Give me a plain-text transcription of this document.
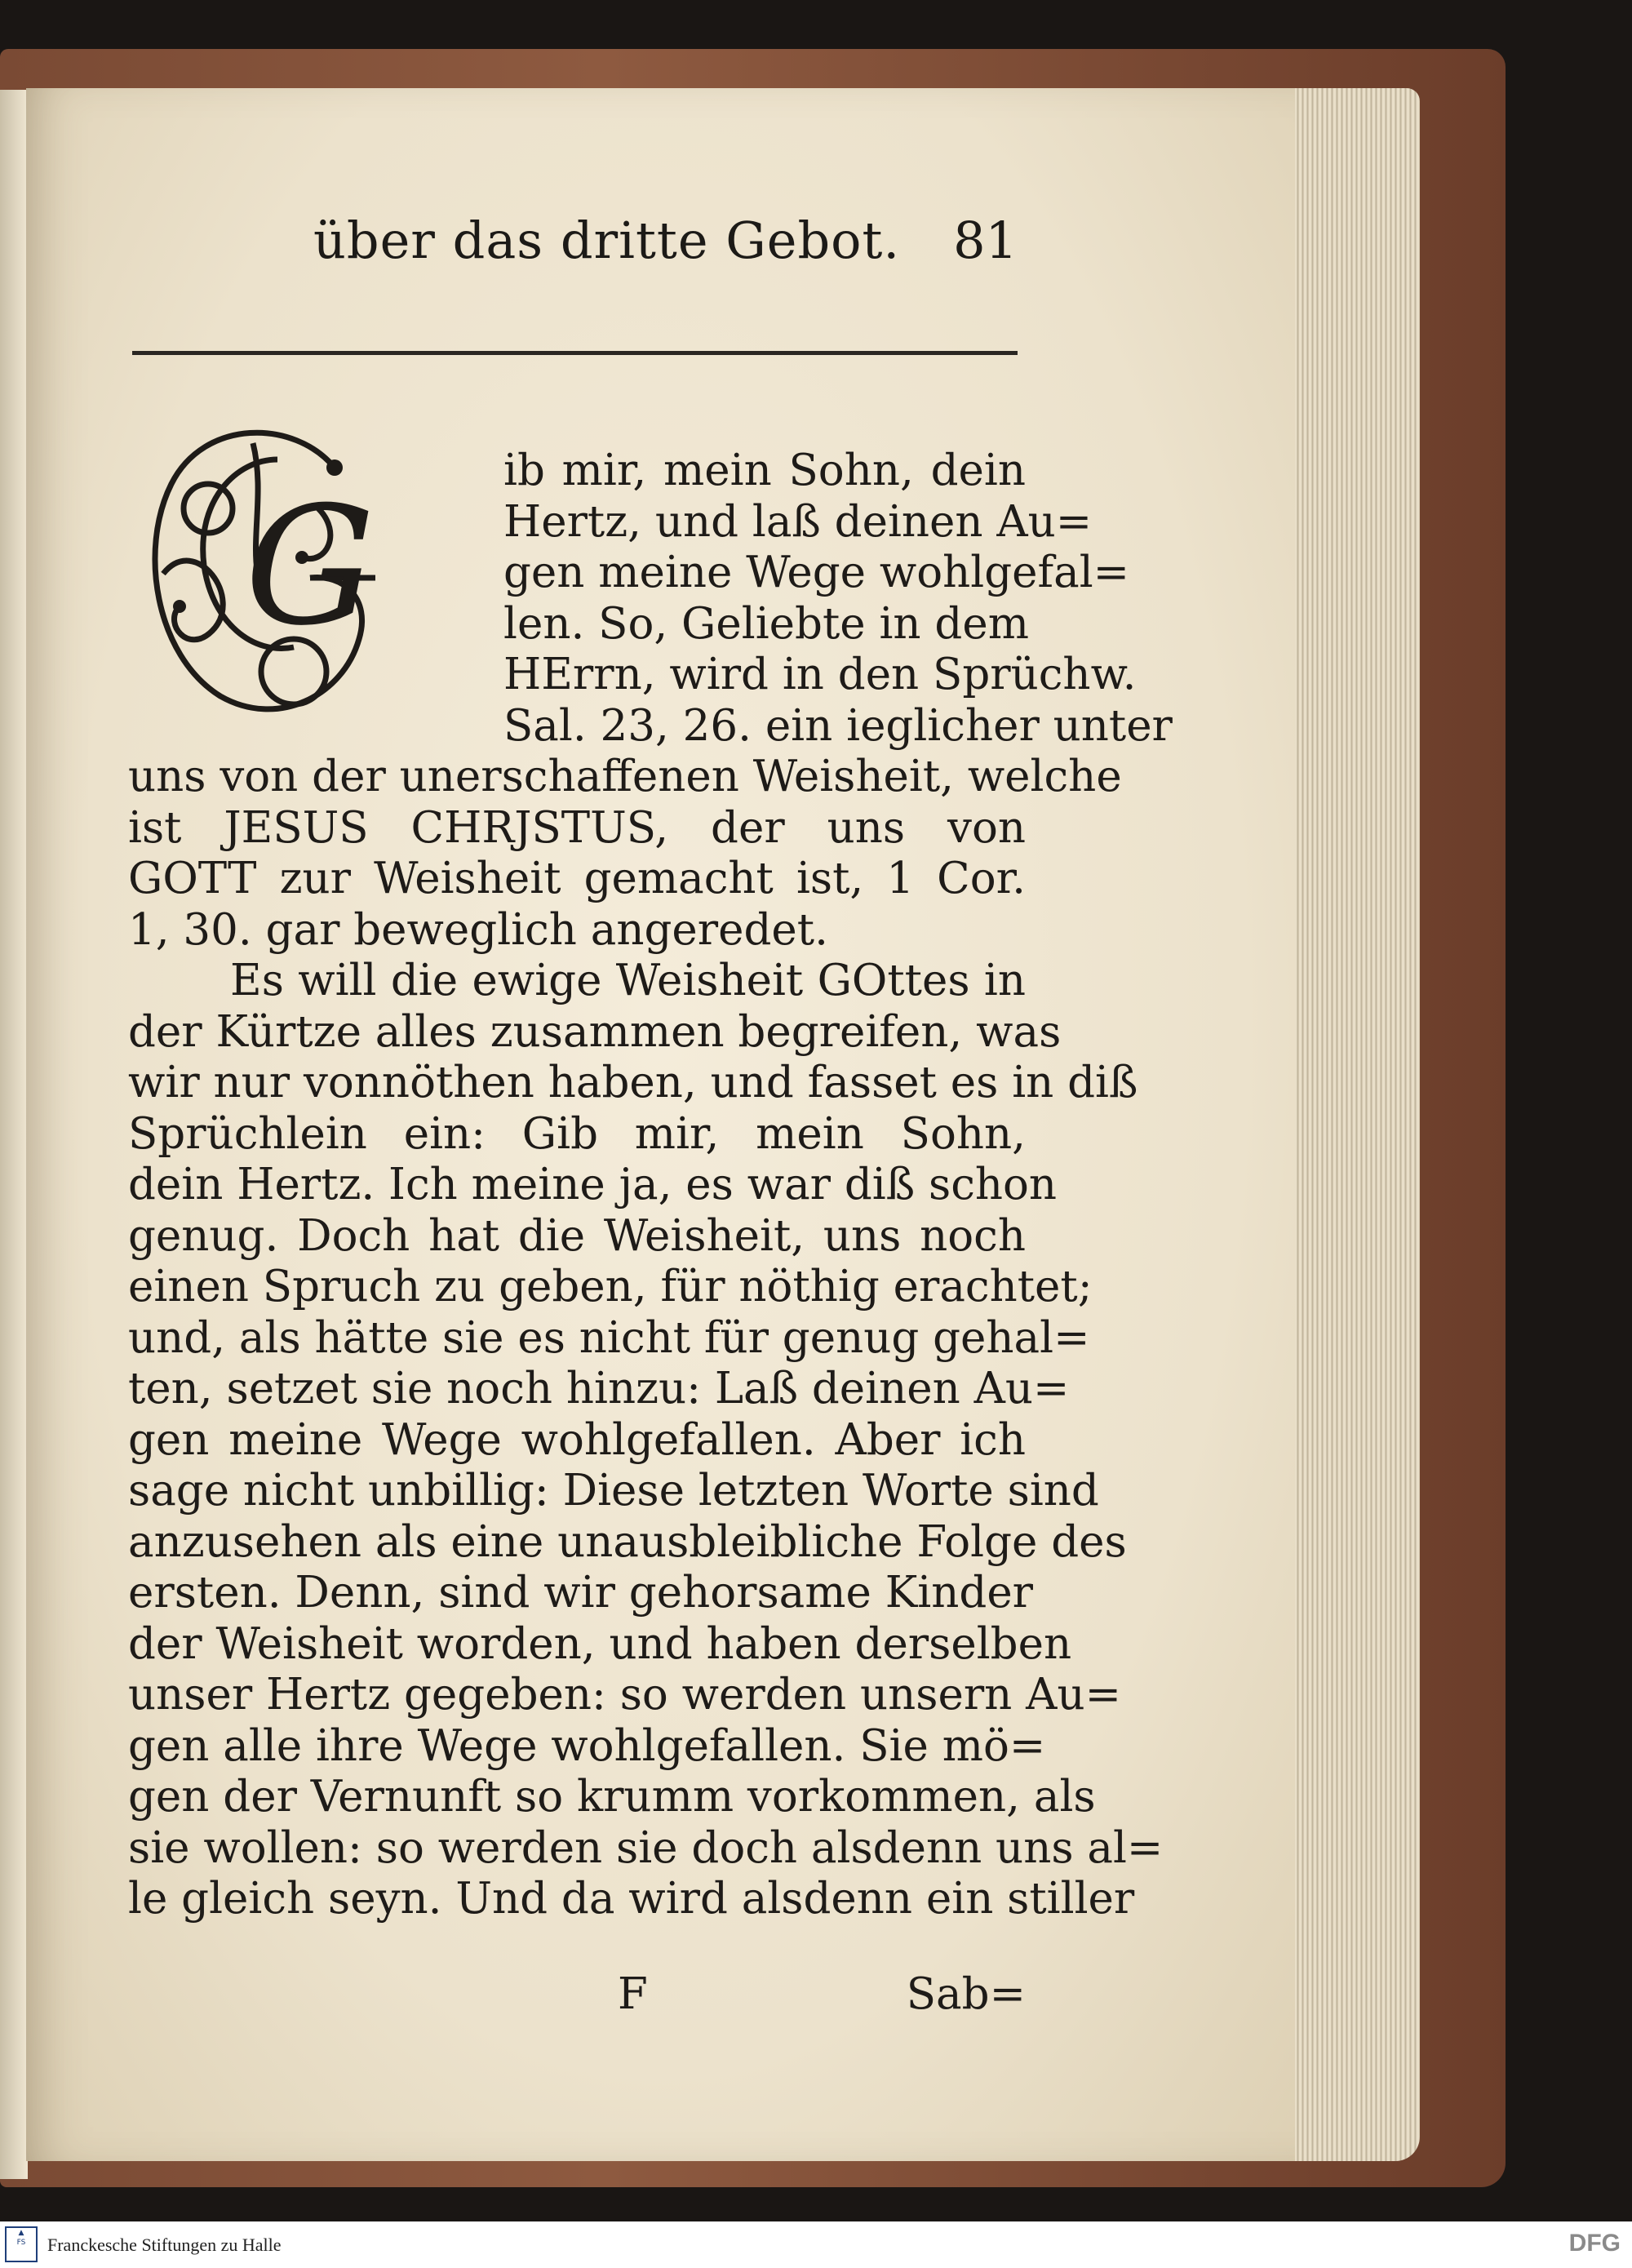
über das dritte Gebot. 81
G
ib mir, mein Sohn, dein
Hertz, und laß deinen Au=
gen meine Wege wohlgefal=
len. So, Geliebte in dem
HErrn, wird in den Sprüchw.
Sal. 23, 26. ein ieglicher unter
uns von der unerschaffenen Weisheit, welche
ist JESUS CHRJSTUS, der uns von
GOTT zur Weisheit gemacht ist, 1 Cor.
1, 30. gar beweglich angeredet.
Es will die ewige Weisheit GOttes in
der Kürtze alles zusammen begreifen, was
wir nur vonnöthen haben, und fasset es in diß
Sprüchlein ein: Gib mir, mein Sohn,
dein Hertz. Ich meine ja, es war diß schon
genug. Doch hat die Weisheit, uns noch
einen Spruch zu geben, für nöthig erachtet;
und, als hätte sie es nicht für genug gehal=
ten, setzet sie noch hinzu: Laß deinen Au=
gen meine Wege wohlgefallen. Aber ich
sage nicht unbillig: Diese letzten Worte sind
anzusehen als eine unausbleibliche Folge des
ersten. Denn, sind wir gehorsame Kinder
der Weisheit worden, und haben derselben
unser Hertz gegeben: so werden unsern Au=
gen alle ihre Wege wohlgefallen. Sie mö=
gen der Vernunft so krumm vorkommen, als
sie wollen: so werden sie doch alsdenn uns al=
le gleich seyn. Und da wird alsdenn ein stiller
F	Sab=
▲
FS	Franckesche Stiftungen zu Halle	DFG
